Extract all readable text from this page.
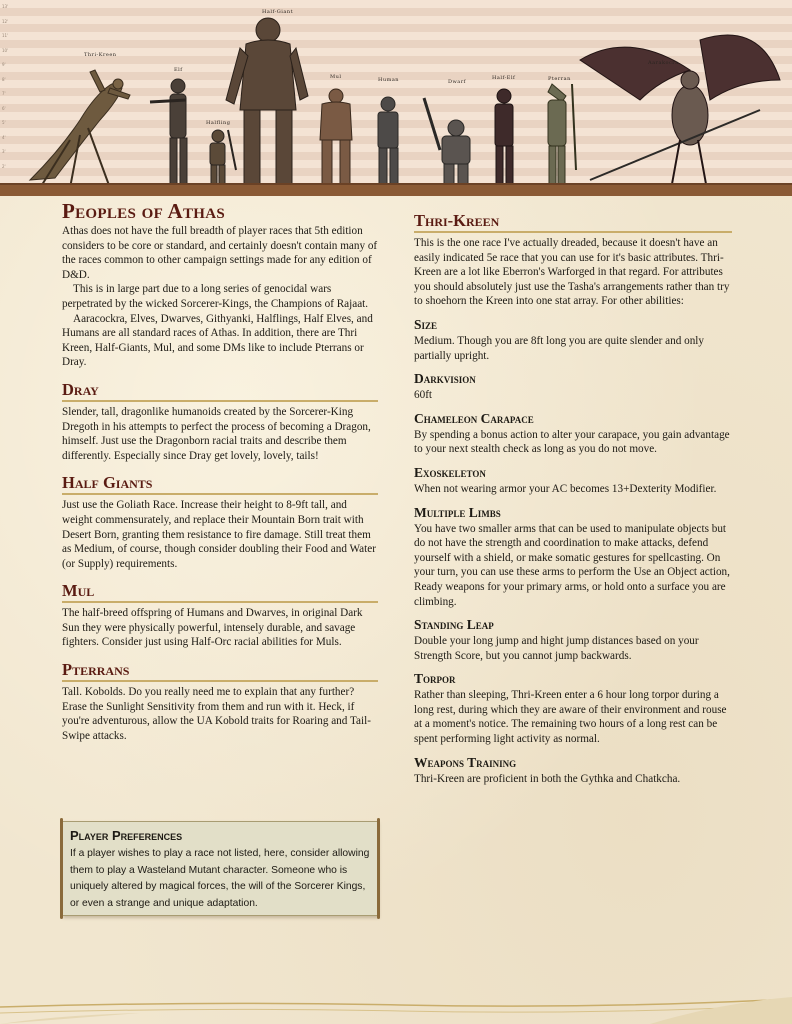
13'
12'
11'
10'
9'
8'
7'
6'
5'
4'
3'
2'
Half-Giant
Thri-Kreen
Elf
Halfling
Mul	Human	Dwarf
Half-Elf	Pterran
Aarakocra
Peoples of Athas

Athas does not have the full breadth of player races that 5th edition considers to be core or standard, and certainly doesn't contain many of the races common to other campaign settings made for any edition of D&D.

This is in large part due to a long series of genocidal wars perpetrated by the wicked Sorcerer-Kings, the Champions of Rajaat.

Aaracockra, Elves, Dwarves, Githyanki, Halflings, Half Elves, and Humans are all standard races of Athas. In addition, there are Thri Kreen, Half-Giants, Mul, and some DMs like to include Pterrans or Dray.

Dray

Slender, tall, dragonlike humanoids created by the Sorcerer-King Dregoth in his attempts to perfect the process of becoming a Dragon, himself. Just use the Dragonborn racial traits and describe them differently. Especially since Dray get lovely, lovely, tails!

Half Giants

Just use the Goliath Race. Increase their height to 8-9ft tall, and weight commensurately, and replace their Mountain Born trait with Desert Born, granting them resistance to fire damage. Still treat them as Medium, of course, though consider doubling their Food and Water (or Supply) requirements.

Mul

The half-breed offspring of Humans and Dwarves, in original Dark Sun they were physically powerful, intensely durable, and savage fighters. Consider just using Half-Orc racial abilities for Muls.

Pterrans

Tall. Kobolds. Do you really need me to explain that any further? Erase the Sunlight Sensitivity from them and run with it. Heck, if you're adventurous, allow the UA Kobold traits for Roaring and Tail-Swipe attacks.

Player Preferences
If a player wishes to play a race not listed, here, consider allowing them to play a Wasteland Mutant character. Someone who is uniquely altered by magical forces, the will of the Sorcerer Kings, or even a strange and unique adaptation.
Thri-Kreen

This is the one race I've actually dreaded, because it doesn't have an easily indicated 5e race that you can use for it's basic attributes. Thri-Kreen are a lot like Eberron's Warforged in that regard. For attributes you should absolutely just use the Tasha's arrangements rather than try to shoehorn the Kreen into one stat array. For other abilities:

Size

Medium. Though you are 8ft long you are quite slender and only partially upright.

Darkvision

60ft

Chameleon Carapace

By spending a bonus action to alter your carapace, you gain advantage to your next stealth check as long as you do not move.

Exoskeleton

When not wearing armor your AC becomes 13+Dexterity Modifier.

Multiple Limbs

You have two smaller arms that can be used to manipulate objects but do not have the strength and coordination to make attacks, defend yourself with a shield, or make somatic gestures for spellcasting. On your turn, you can use these arms to perform the Use an Object action, Ready weapons for your primary arms, or hold onto a surface you are climbing.

Standing Leap

Double your long jump and hight jump distances based on your Strength Score, but you cannot jump backwards.

Torpor

Rather than sleeping, Thri-Kreen enter a 6 hour long torpor during a long rest, during which they are aware of their environment and rouse at a moment's notice. The remaining two hours of a long rest can be spent performing light activity as normal.

Weapons Training

Thri-Kreen are proficient in both the Gythka and Chatkcha.
